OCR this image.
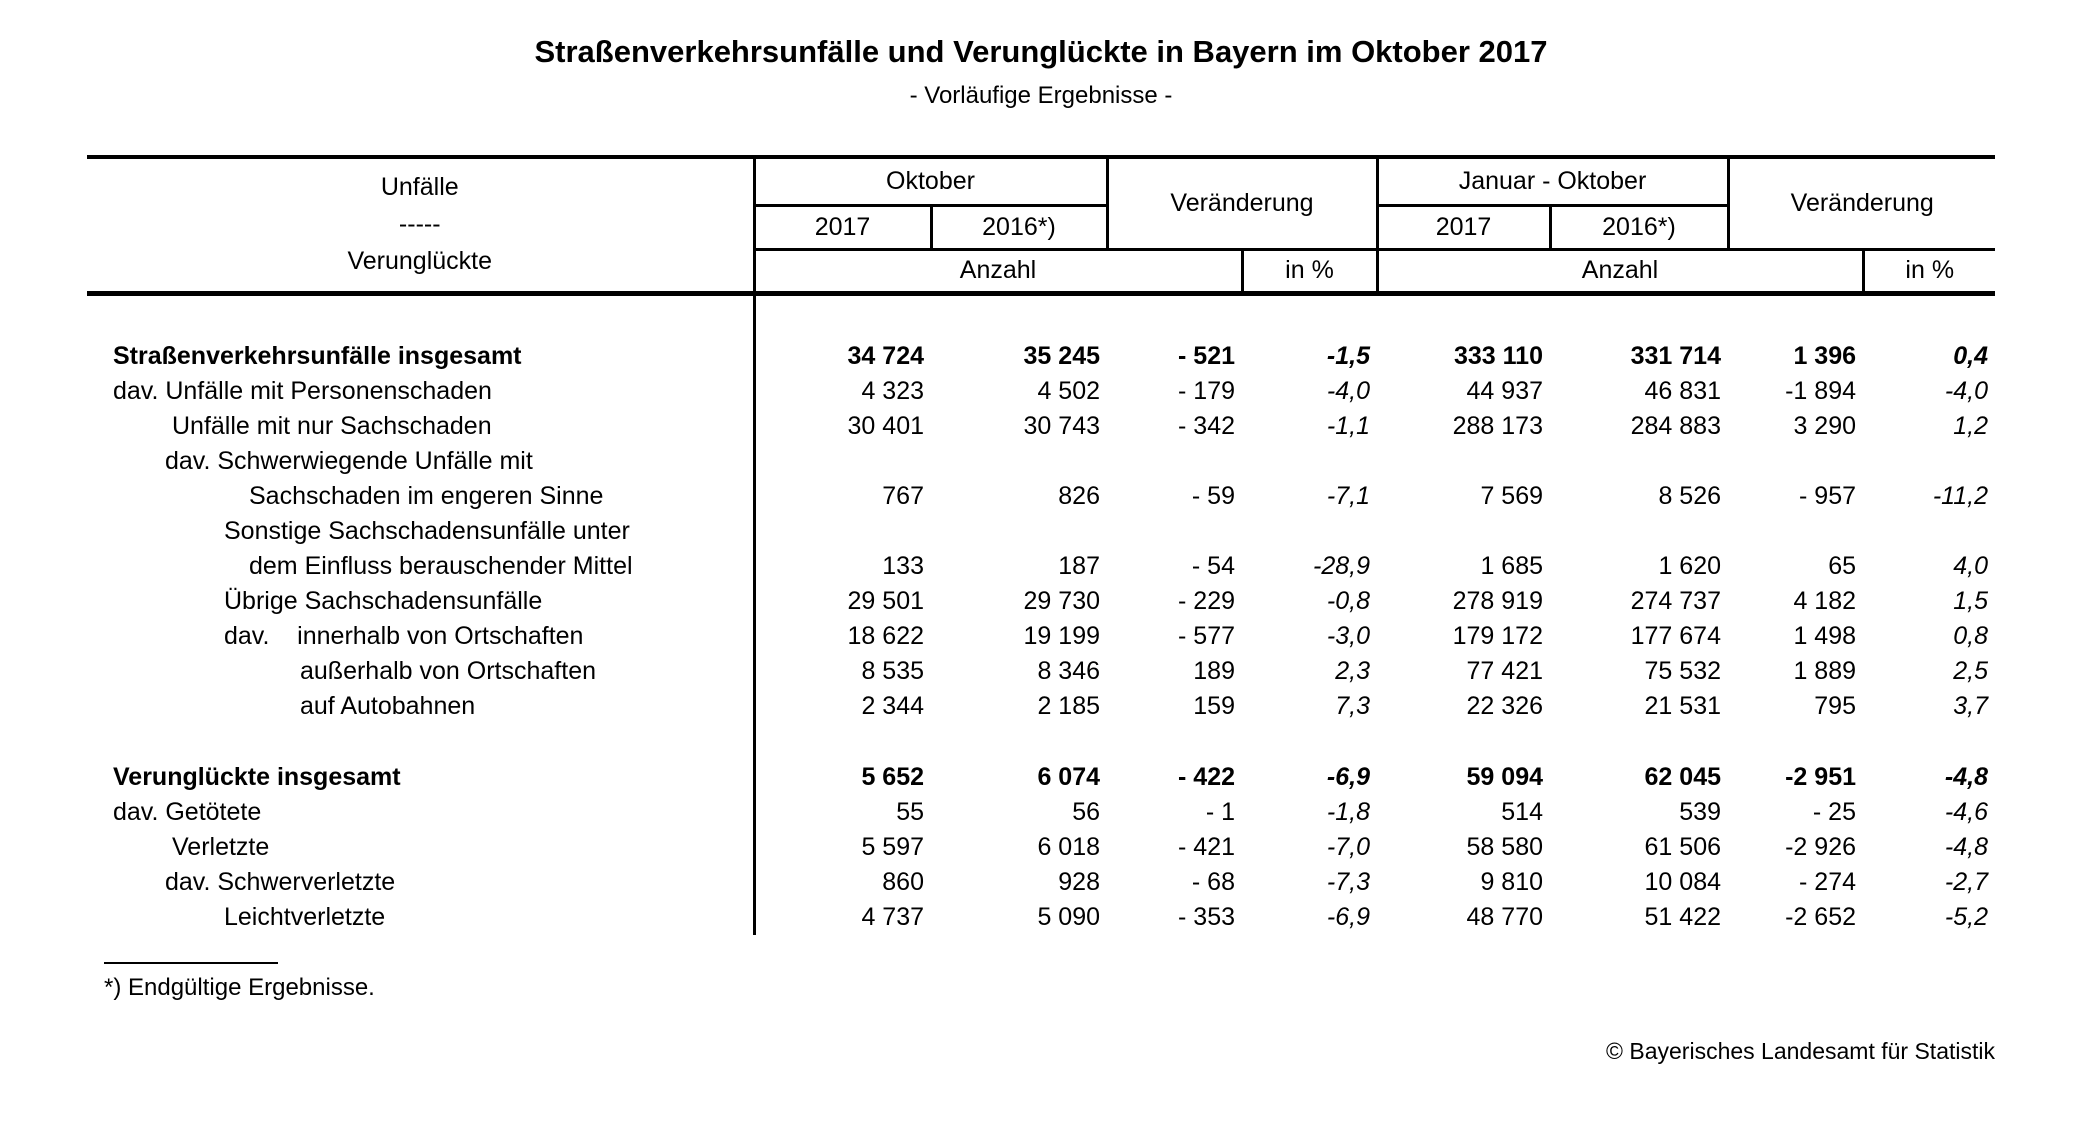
Straßenverkehrsunfälle und Verunglückte in Bayern im Oktober 2017
- Vorläufige Ergebnisse -
Unfälle
-----
Verunglückte	Oktober		Veränderung		Januar - Oktober		Veränderung	
	2017	2016*)			2017	2016*)		
	Anzahl			in %	Anzahl			in %

Straßenverkehrsunfälle insgesamt	34 724	35 245	- 521	-1,5	333 110	331 714	1 396	0,4
dav. Unfälle mit Personenschaden	4 323	4 502	- 179	-4,0	44 937	46 831	-1 894	-4,0
Unfälle mit nur Sachschaden	30 401	30 743	- 342	-1,1	288 173	284 883	3 290	1,2
dav. Schwerwiegende Unfälle mit								
Sachschaden im engeren Sinne	767	826	- 59	-7,1	7 569	8 526	- 957	-11,2
Sonstige Sachschadensunfälle unter								
dem Einfluss berauschender Mittel	133	187	- 54	-28,9	1 685	1 620	65	4,0
Übrige Sachschadensunfälle	29 501	29 730	- 229	-0,8	278 919	274 737	4 182	1,5
dav.    innerhalb von Ortschaften	18 622	19 199	- 577	-3,0	179 172	177 674	1 498	0,8
außerhalb von Ortschaften	8 535	8 346	189	2,3	77 421	75 532	1 889	2,5
auf Autobahnen	2 344	2 185	159	7,3	22 326	21 531	795	3,7

Verunglückte insgesamt	5 652	6 074	- 422	-6,9	59 094	62 045	-2 951	-4,8
dav. Getötete	55	56	- 1	-1,8	514	539	- 25	-4,6
Verletzte	5 597	6 018	- 421	-7,0	58 580	61 506	-2 926	-4,8
dav. Schwerverletzte	860	928	- 68	-7,3	9 810	10 084	- 274	-2,7
Leichtverletzte	4 737	5 090	- 353	-6,9	48 770	51 422	-2 652	-5,2
*) Endgültige Ergebnisse.
© Bayerisches Landesamt für Statistik
